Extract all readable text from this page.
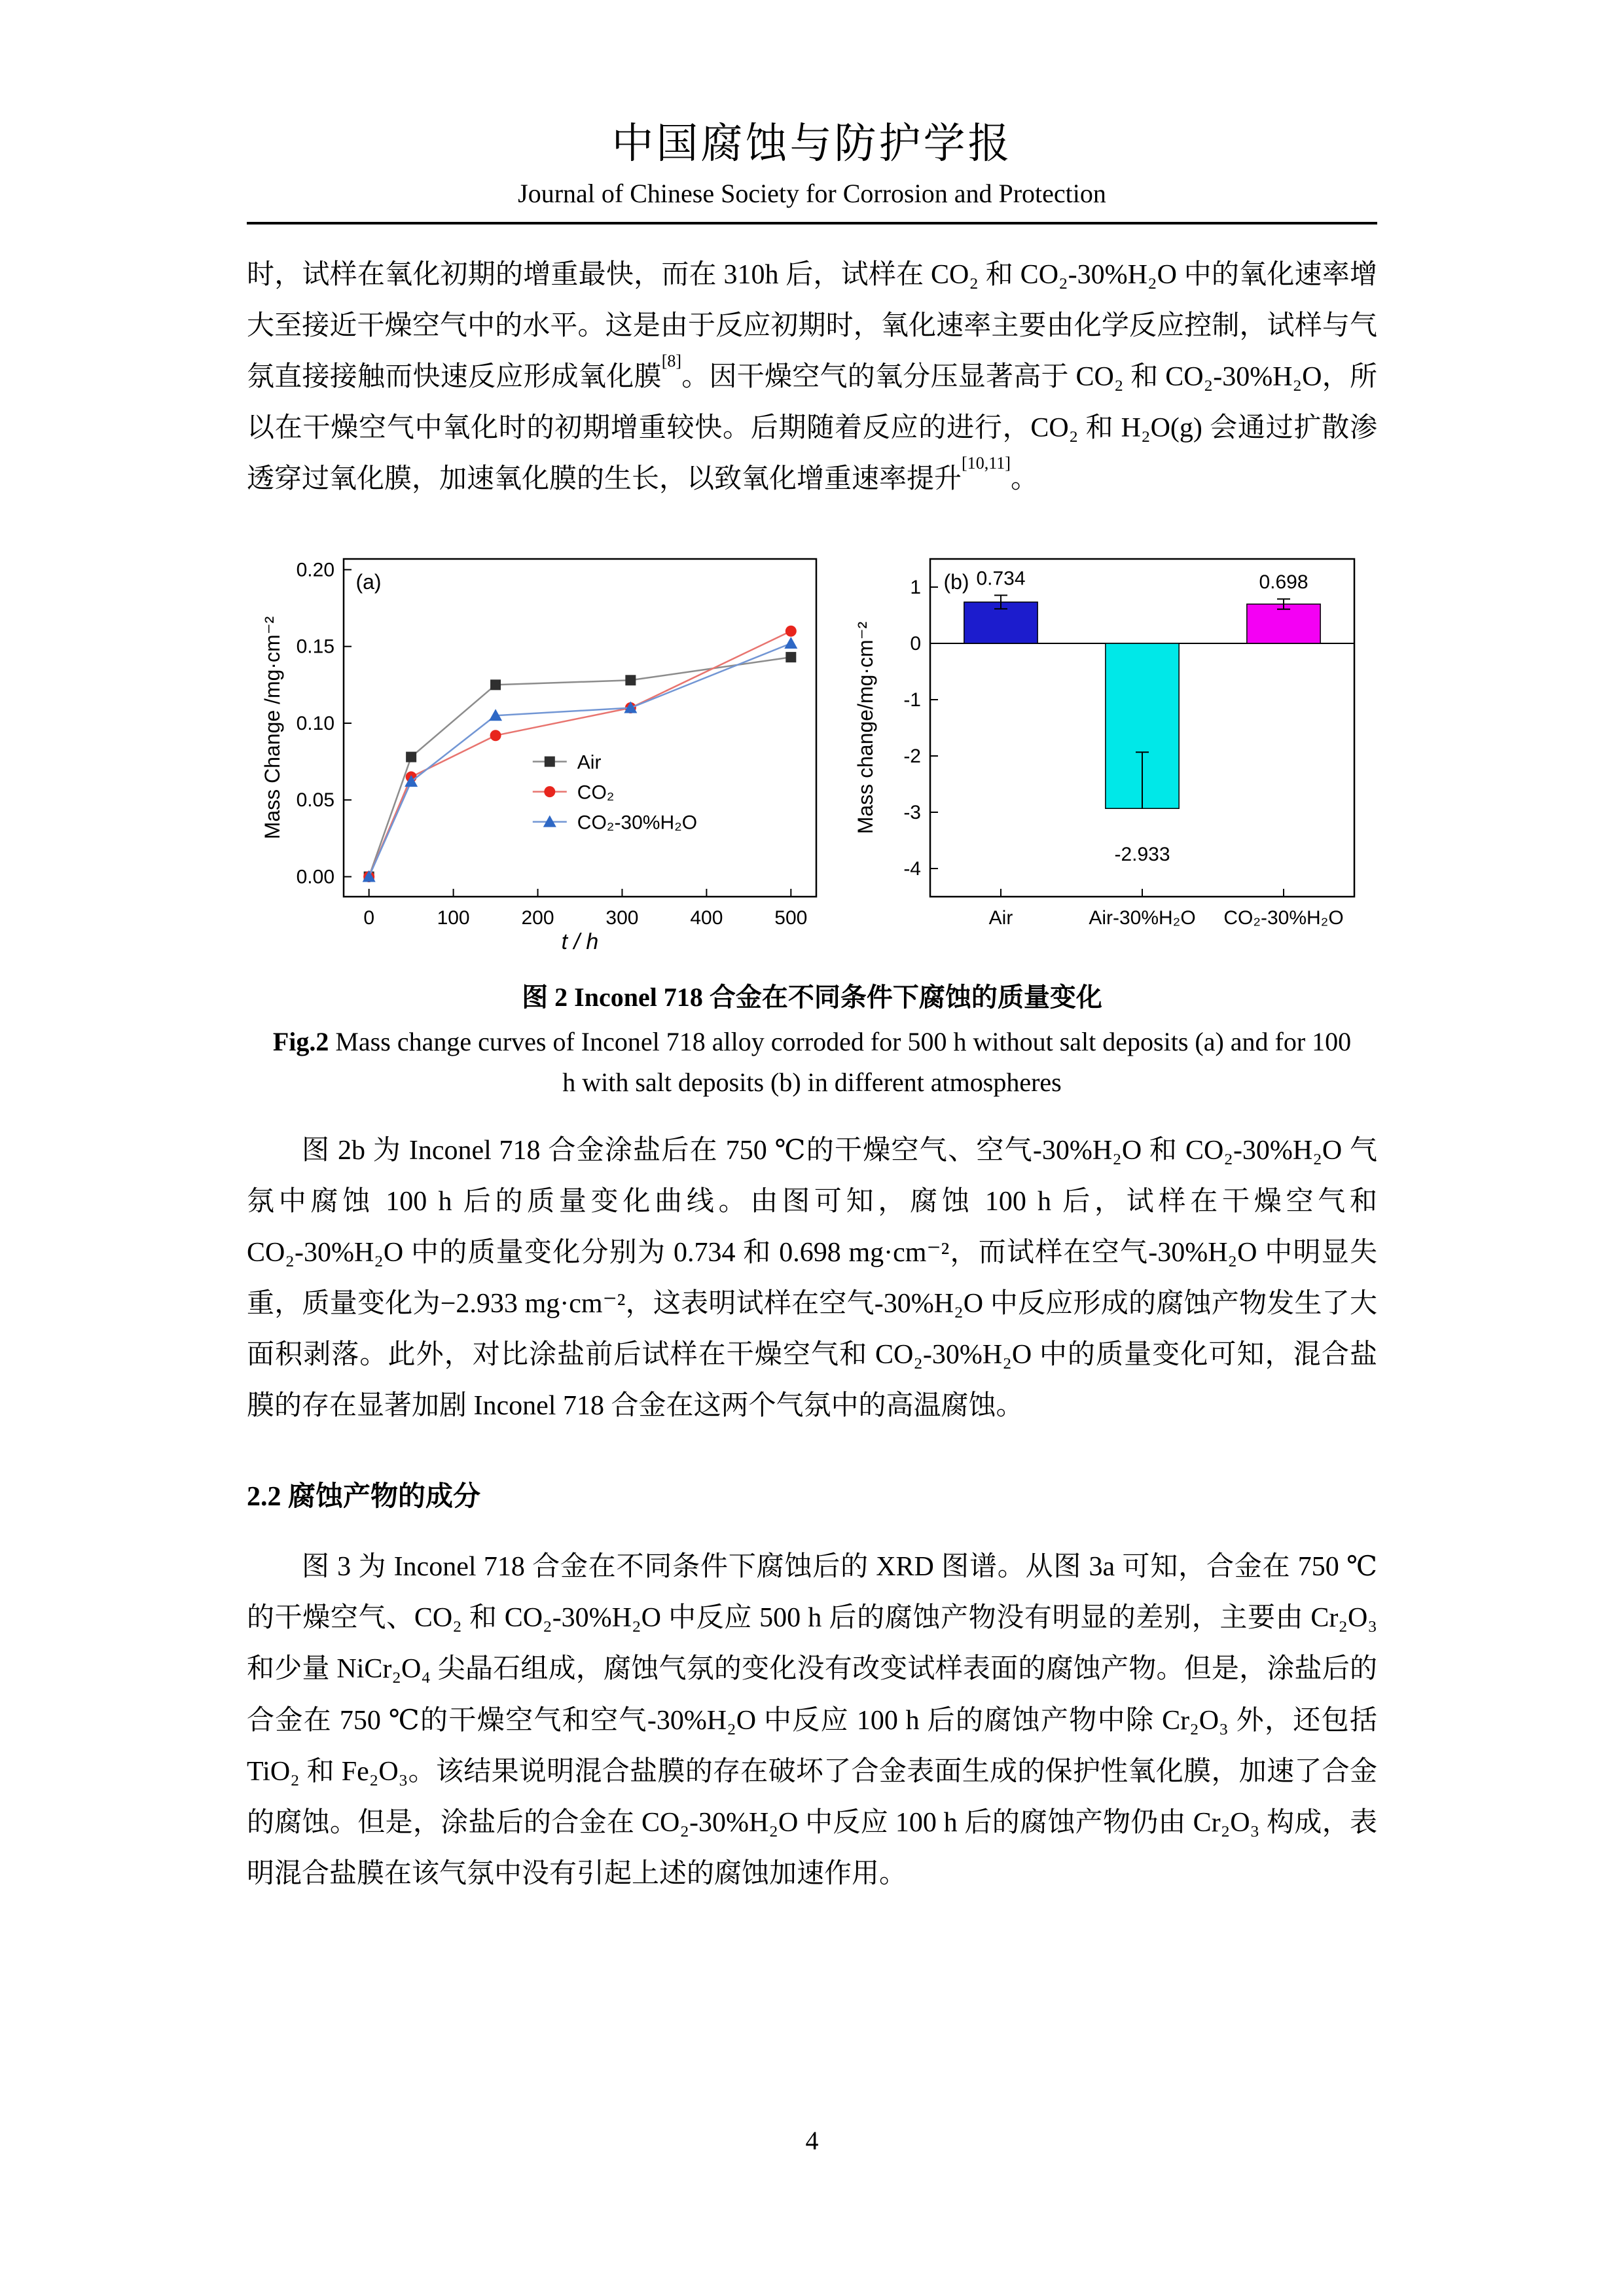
中国腐蚀与防护学报
Journal of Chinese Society for Corrosion and Protection

时，试样在氧化初期的增重最快，而在 310h 后，试样在 CO₂ 和 CO₂-30%H₂O 中的氧化速率增大至接近干燥空气中的水平。这是由于反应初期时，氧化速率主要由化学反应控制，试样与气氛直接接触而快速反应形成氧化膜[8]。因干燥空气的氧分压显著高于 CO₂ 和 CO₂-30%H₂O，所以在干燥空气中氧化时的初期增重较快。后期随着反应的进行，CO₂ 和 H₂O(g) 会通过扩散渗透穿过氧化膜，加速氧化膜的生长，以致氧化增重速率提升[10,11]。

0	100	200	300	400	500
0.00
0.05
0.10
0.15
0.20
t / h
Mass Change /mg·cm⁻²
(a)
Air
CO₂
CO₂-30%H₂O
1
0
-1
-2
-3
-4
0.734
Air
-2.933
Air-30%H₂O
0.698
CO₂-30%H₂O
Mass change/mg·cm⁻²
(b)
图 2 Inconel 718 合金在不同条件下腐蚀的质量变化
Fig.2 Mass change curves of Inconel 718 alloy corroded for 500 h without salt deposits (a) and for 100 h with salt deposits (b) in different atmospheres

图 2b 为 Inconel 718 合金涂盐后在 750 ℃的干燥空气、空气-30%H₂O 和 CO₂-30%H₂O 气氛中腐蚀 100 h 后的质量变化曲线。由图可知，腐蚀 100 h 后，试样在干燥空气和 CO₂-30%H₂O 中的质量变化分别为 0.734 和 0.698 mg·cm⁻²，而试样在空气-30%H₂O 中明显失重，质量变化为−2.933 mg·cm⁻²，这表明试样在空气-30%H₂O 中反应形成的腐蚀产物发生了大面积剥落。此外，对比涂盐前后试样在干燥空气和 CO₂-30%H₂O 中的质量变化可知，混合盐膜的存在显著加剧 Inconel 718 合金在这两个气氛中的高温腐蚀。

2.2 腐蚀产物的成分

图 3 为 Inconel 718 合金在不同条件下腐蚀后的 XRD 图谱。从图 3a 可知，合金在 750 ℃的干燥空气、CO₂ 和 CO₂-30%H₂O 中反应 500 h 后的腐蚀产物没有明显的差别，主要由 Cr₂O₃ 和少量 NiCr₂O₄ 尖晶石组成，腐蚀气氛的变化没有改变试样表面的腐蚀产物。但是，涂盐后的合金在 750 ℃的干燥空气和空气-30%H₂O 中反应 100 h 后的腐蚀产物中除 Cr₂O₃ 外，还包括 TiO₂ 和 Fe₂O₃。该结果说明混合盐膜的存在破坏了合金表面生成的保护性氧化膜，加速了合金的腐蚀。但是，涂盐后的合金在 CO₂-30%H₂O 中反应 100 h 后的腐蚀产物仍由 Cr₂O₃ 构成，表明混合盐膜在该气氛中没有引起上述的腐蚀加速作用。

4
